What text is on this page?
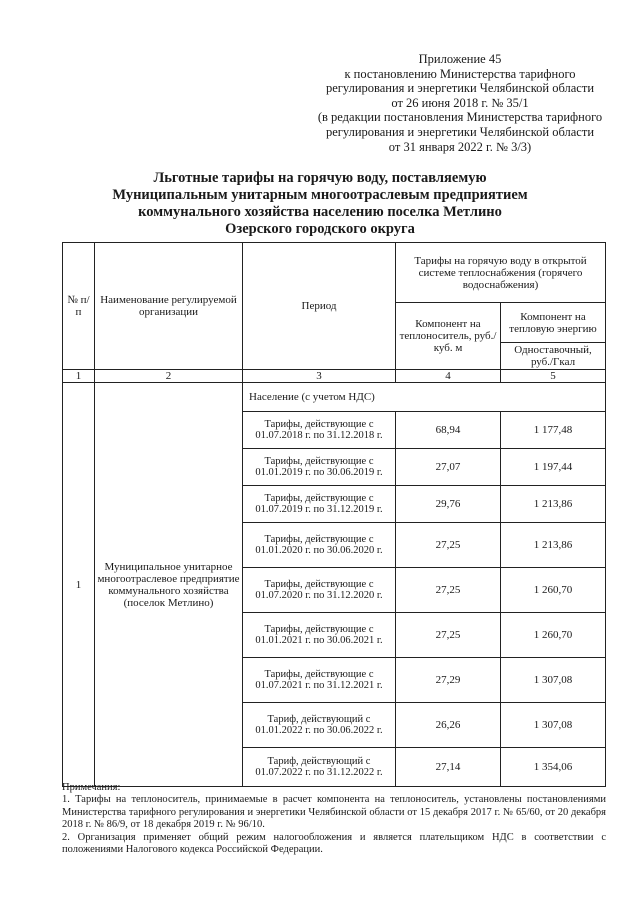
Приложение 45
к постановлению Министерства тарифного
регулирования и энергетики Челябинской области
от 26 июня 2018 г. № 35/1
(в редакции постановления Министерства тарифного
регулирования и энергетики Челябинской области
от 31 января 2022 г. № 3/3)
Льготные тарифы на горячую воду, поставляемую
Муниципальным унитарным многоотраслевым предприятием
коммунального хозяйства населению поселка Метлино
Озерского городского округа
№ п/п	Наименование регулируемой организации	Период	Тарифы на горячую воду в открытой системе теплоснабжения (горячего водоснабжения)	
			Компонент на теплоноситель, руб./куб. м	Компонент на тепловую энергию
				Одноставочный, руб./Гкал
1	2	3	4	5
1	Муниципальное унитарное многоотраслевое предприятие коммунального хозяйства (поселок Метлино)	Население (с учетом НДС)		
		Тарифы, действующие с 01.07.2018 г. по 31.12.2018 г.	68,94	1 177,48
		Тарифы, действующие с 01.01.2019 г. по 30.06.2019 г.	27,07	1 197,44
		Тарифы, действующие с 01.07.2019 г. по 31.12.2019 г.	29,76	1 213,86
		Тарифы, действующие с 01.01.2020 г. по 30.06.2020 г.	27,25	1 213,86
		Тарифы, действующие с 01.07.2020 г. по 31.12.2020 г.	27,25	1 260,70
		Тарифы, действующие с 01.01.2021 г. по 30.06.2021 г.	27,25	1 260,70
		Тарифы, действующие с 01.07.2021 г. по 31.12.2021 г.	27,29	1 307,08
		Тариф, действующий с 01.01.2022 г. по 30.06.2022 г.	26,26	1 307,08
		Тариф, действующий с 01.07.2022 г. по 31.12.2022 г.	27,14	1 354,06
Примечания:
1. Тарифы на теплоноситель, принимаемые в расчет компонента на теплоноситель, установлены постановлениями Министерства тарифного регулирования и энергетики Челябинской области от 15 декабря 2017 г. № 65/60, от 20 декабря 2018 г. № 86/9, от 18 декабря 2019 г. № 96/10.
2. Организация применяет общий режим налогообложения и является плательщиком НДС в соответствии с положениями Налогового кодекса Российской Федерации.
